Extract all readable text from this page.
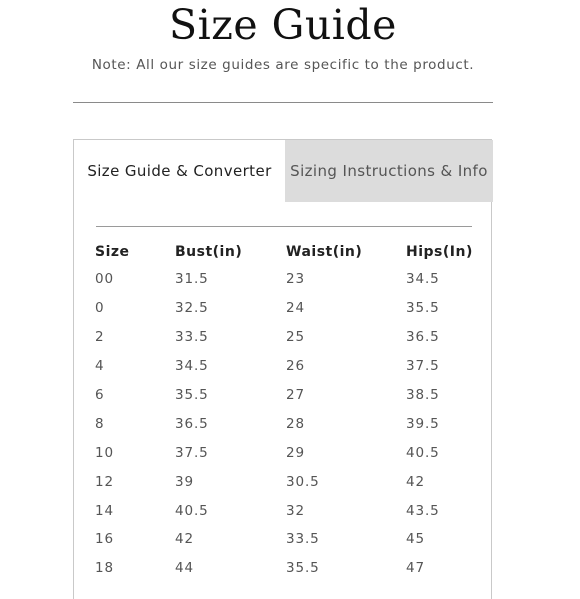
Size Guide
Note: All our size guides are specific to the product.
Size Guide & Converter	Sizing Instructions & Info
Size	Bust(in)	Waist(in)	Hips(In)
00	31.5	23	34.5
0	32.5	24	35.5
2	33.5	25	36.5
4	34.5	26	37.5
6	35.5	27	38.5
8	36.5	28	39.5
10	37.5	29	40.5
12	39	30.5	42
14	40.5	32	43.5
16	42	33.5	45
18	44	35.5	47
